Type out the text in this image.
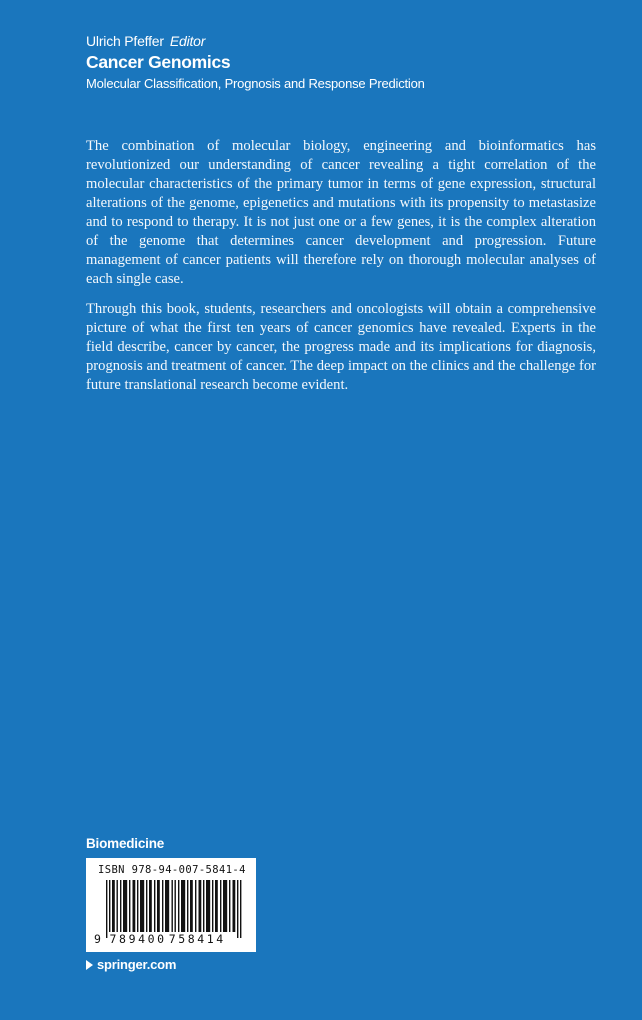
Ulrich Pfeffer Editor
Cancer Genomics
Molecular Classification, Prognosis and Response Prediction
The combination of molecular biology, engineering and bioinformatics has revolutionized our understanding of cancer revealing a tight correlation of the molecular characteristics of the primary tumor in terms of gene expression, structural alterations of the genome, epigenetics and mutations with its propensity to metastasize and to respond to therapy. It is not just one or a few genes, it is the complex alteration of the genome that determines cancer development and progression. Future management of cancer patients will therefore rely on thorough molecular analyses of each single case.
Through this book, students, researchers and oncologists will obtain a comprehensive picture of what the first ten years of cancer genomics have revealed. Experts in the field describe, cancer by cancer, the progress made and its implications for diagnosis, prognosis and treatment of cancer. The deep impact on the clinics and the challenge for future translational research become evident.
Biomedicine
ISBN 978-94-007-5841-4
9 789400 758414
springer.com
